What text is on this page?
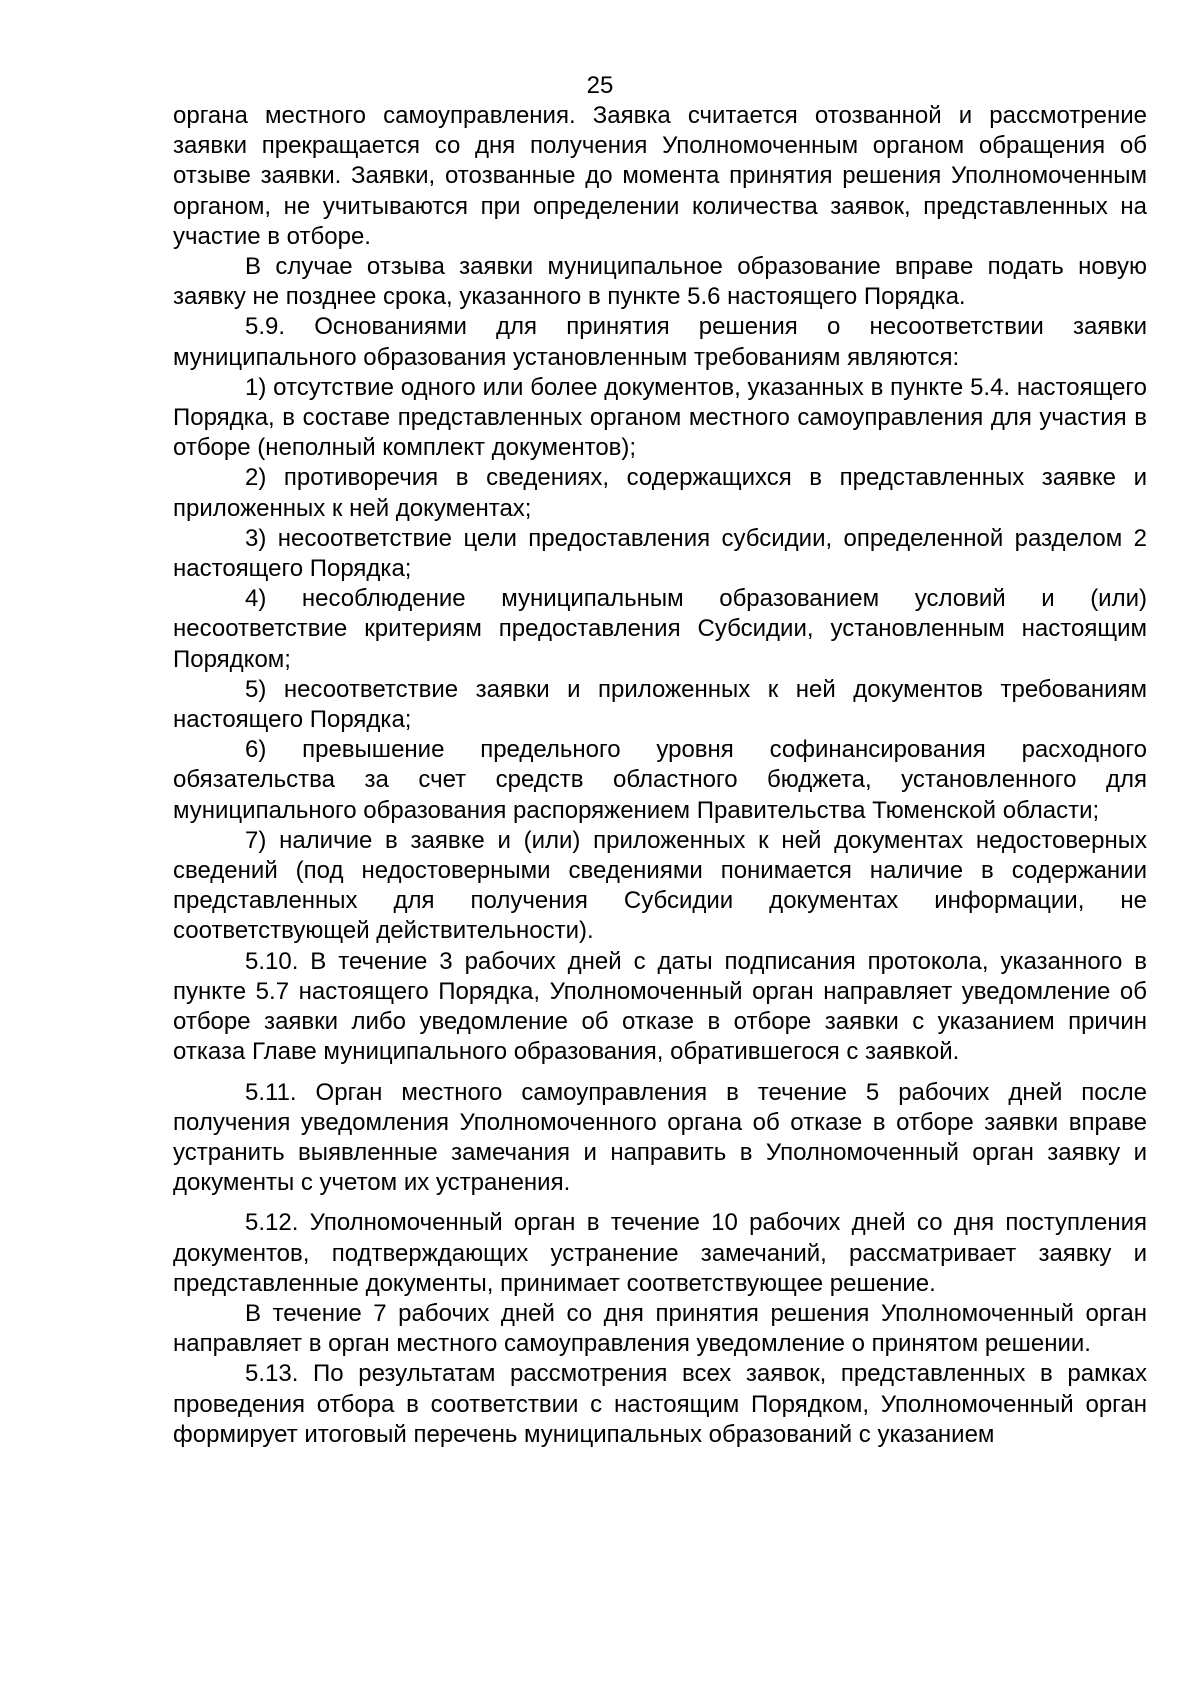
25

органа местного самоуправления. Заявка считается отозванной и рассмотрение заявки прекращается со дня получения Уполномоченным органом обращения об отзыве заявки. Заявки, отозванные до момента принятия решения Уполномоченным органом, не учитываются при определении количества заявок, представленных на участие в отборе.

В случае отзыва заявки муниципальное образование вправе подать новую заявку не позднее срока, указанного в пункте 5.6 настоящего Порядка.

5.9. Основаниями для принятия решения о несоответствии заявки муниципального образования установленным требованиям являются:

1) отсутствие одного или более документов, указанных в пункте 5.4. настоящего Порядка, в составе представленных органом местного самоуправления для участия в отборе (неполный комплект документов);

2) противоречия в сведениях, содержащихся в представленных заявке и приложенных к ней документах;

3) несоответствие цели предоставления субсидии, определенной разделом 2 настоящего Порядка;

4) несоблюдение муниципальным образованием условий и (или) несоответствие критериям предоставления Субсидии, установленным настоящим Порядком;

5) несоответствие заявки и приложенных к ней документов требованиям настоящего Порядка;

6) превышение предельного уровня софинансирования расходного обязательства за счет средств областного бюджета, установленного для муниципального образования распоряжением Правительства Тюменской области;

7) наличие в заявке и (или) приложенных к ней документах недостоверных сведений (под недостоверными сведениями понимается наличие в содержании представленных для получения Субсидии документах информации, не соответствующей действительности).

5.10. В течение 3 рабочих дней с даты подписания протокола, указанного в пункте 5.7 настоящего Порядка, Уполномоченный орган направляет уведомление об отборе заявки либо уведомление об отказе в отборе заявки с указанием причин отказа Главе муниципального образования, обратившегося с заявкой.

5.11. Орган местного самоуправления в течение 5 рабочих дней после получения уведомления Уполномоченного органа об отказе в отборе заявки вправе устранить выявленные замечания и направить в Уполномоченный орган заявку и документы с учетом их устранения.

5.12. Уполномоченный орган в течение 10 рабочих дней со дня поступления документов, подтверждающих устранение замечаний, рассматривает заявку и представленные документы, принимает соответствующее решение.

В течение 7 рабочих дней со дня принятия решения Уполномоченный орган направляет в орган местного самоуправления уведомление о принятом решении.

5.13. По результатам рассмотрения всех заявок, представленных в рамках проведения отбора в соответствии с настоящим Порядком, Уполномоченный орган формирует итоговый перечень муниципальных образований с указанием
